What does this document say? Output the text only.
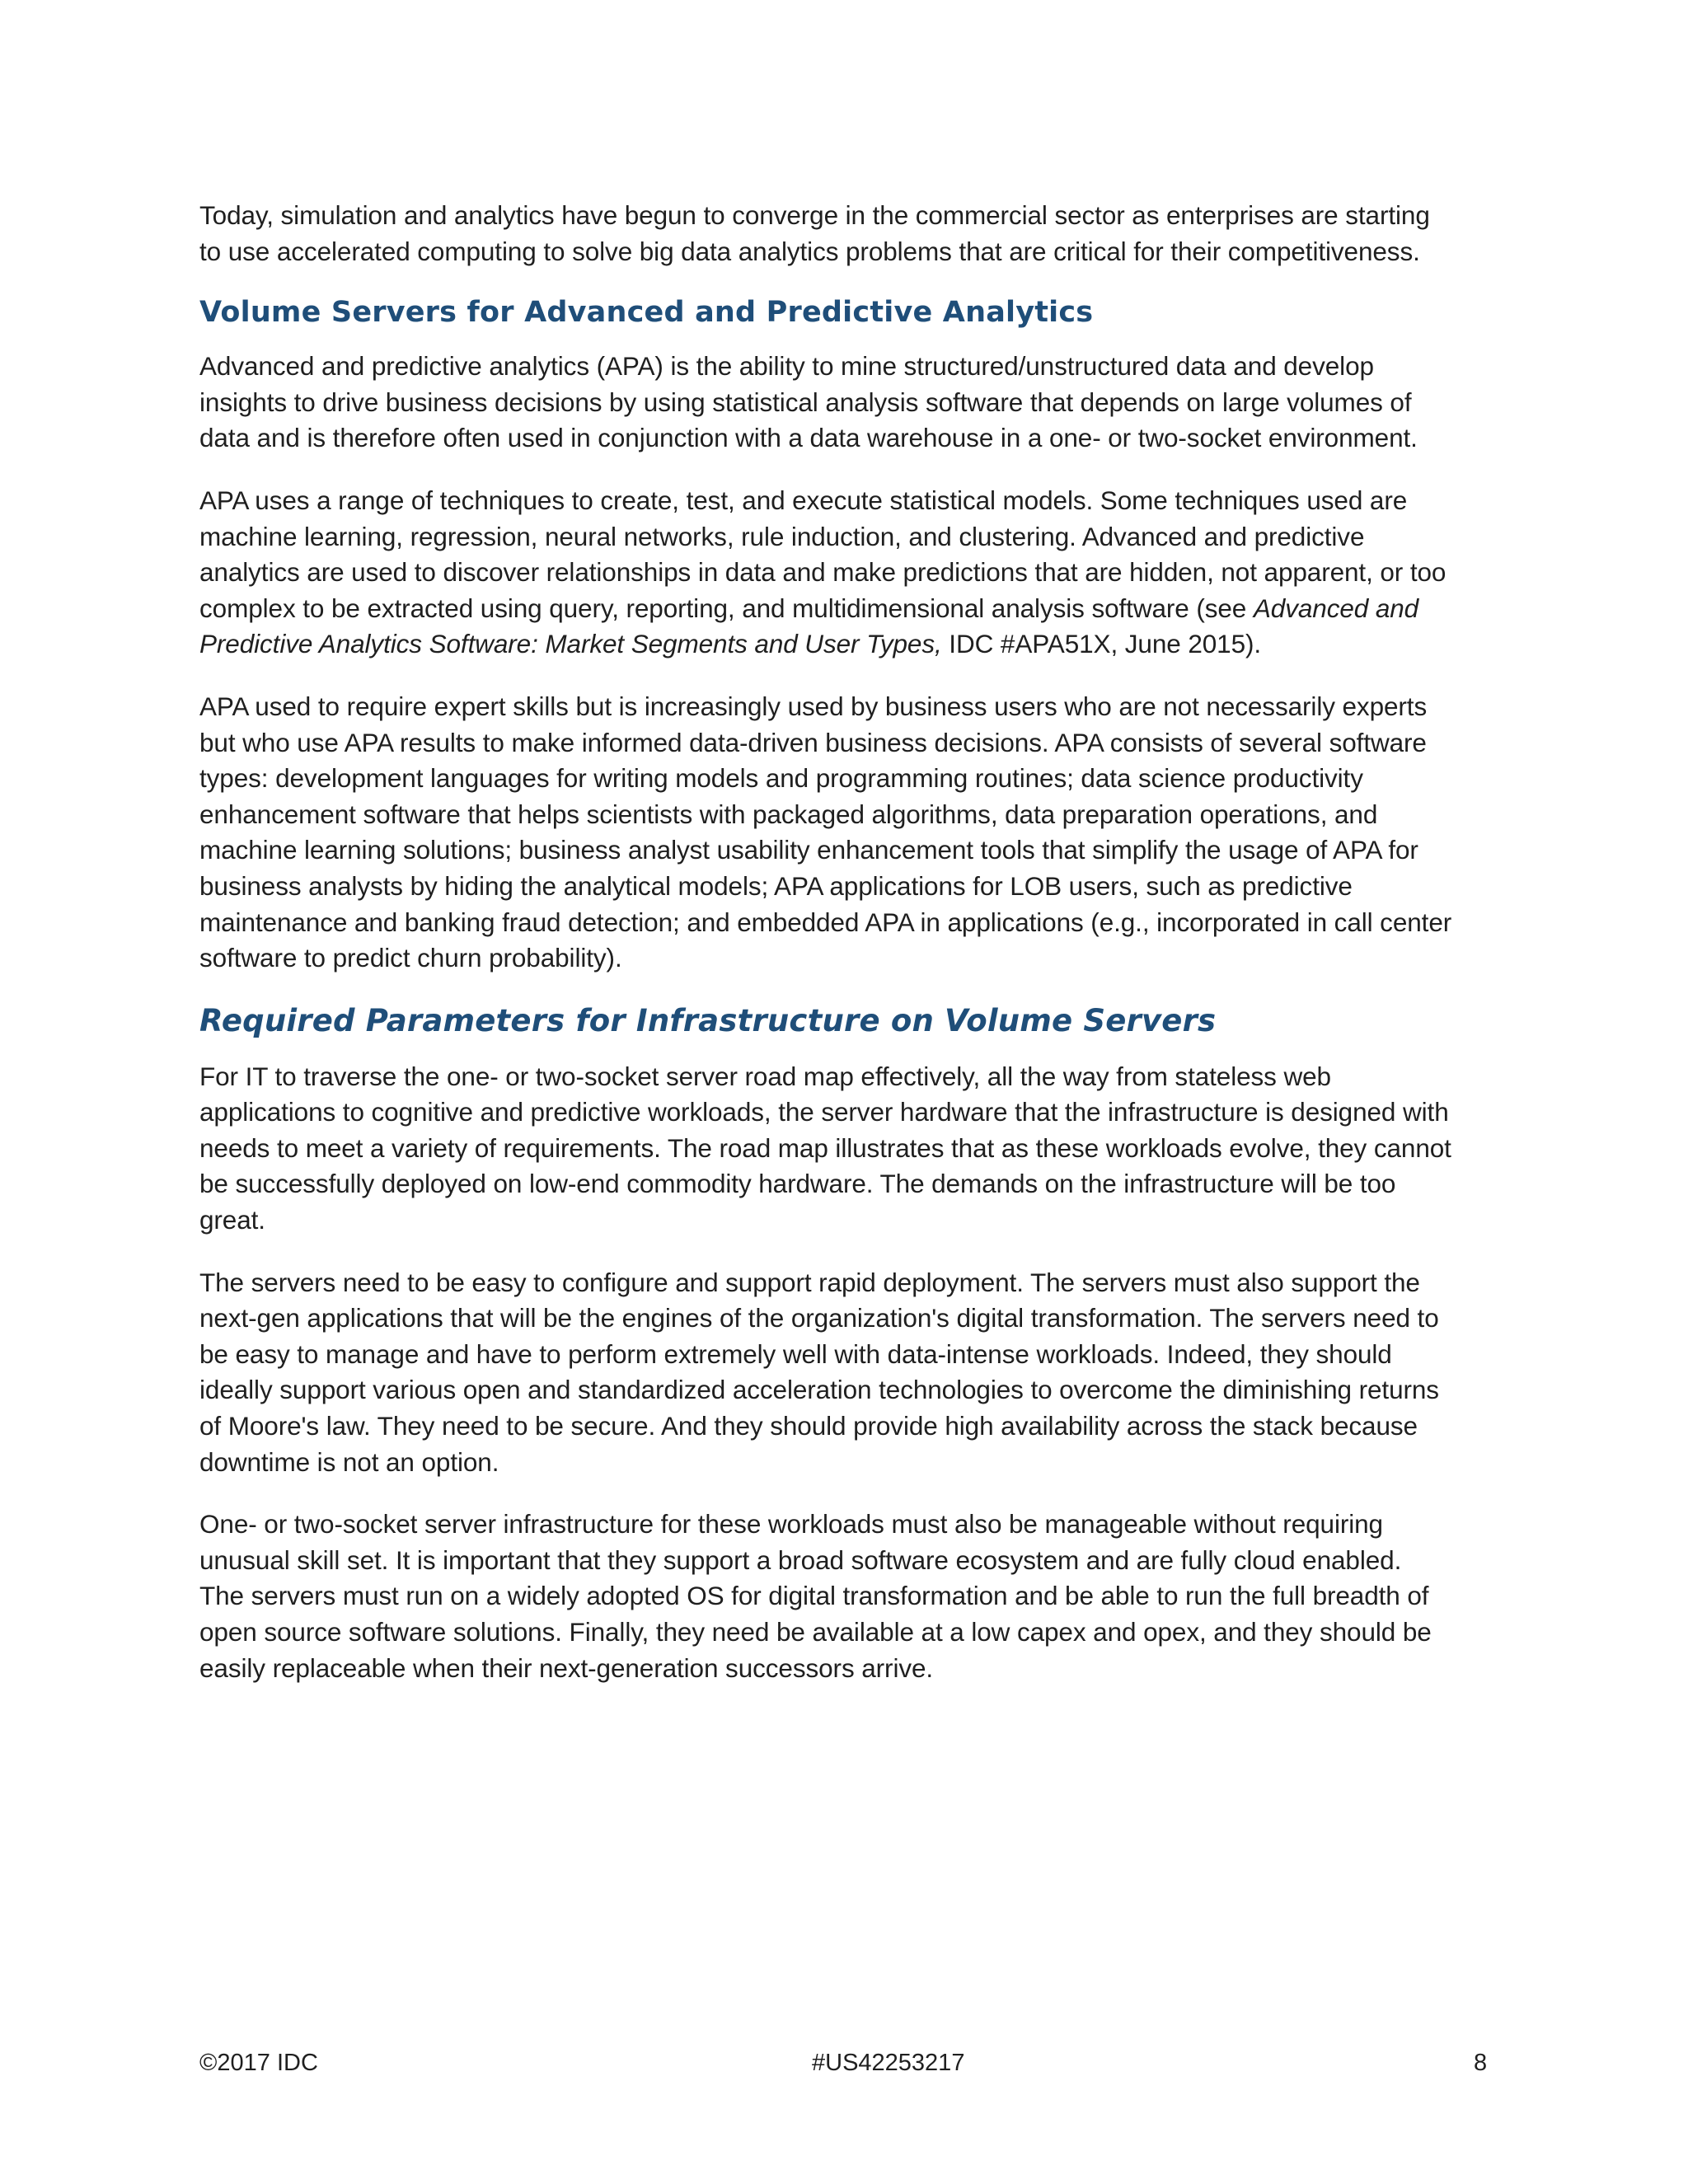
Today, simulation and analytics have begun to converge in the commercial sector as enterprises are starting to use accelerated computing to solve big data analytics problems that are critical for their competitiveness.

Volume Servers for Advanced and Predictive Analytics

Advanced and predictive analytics (APA) is the ability to mine structured/unstructured data and develop insights to drive business decisions by using statistical analysis software that depends on large volumes of data and is therefore often used in conjunction with a data warehouse in a one- or two-socket environment.

APA uses a range of techniques to create, test, and execute statistical models. Some techniques used are machine learning, regression, neural networks, rule induction, and clustering. Advanced and predictive analytics are used to discover relationships in data and make predictions that are hidden, not apparent, or too complex to be extracted using query, reporting, and multidimensional analysis software (see Advanced and Predictive Analytics Software: Market Segments and User Types, IDC #APA51X, June 2015).

APA used to require expert skills but is increasingly used by business users who are not necessarily experts but who use APA results to make informed data-driven business decisions. APA consists of several software types: development languages for writing models and programming routines; data science productivity enhancement software that helps scientists with packaged algorithms, data preparation operations, and machine learning solutions; business analyst usability enhancement tools that simplify the usage of APA for business analysts by hiding the analytical models; APA applications for LOB users, such as predictive maintenance and banking fraud detection; and embedded APA in applications (e.g., incorporated in call center software to predict churn probability).

Required Parameters for Infrastructure on Volume Servers

For IT to traverse the one- or two-socket server road map effectively, all the way from stateless web applications to cognitive and predictive workloads, the server hardware that the infrastructure is designed with needs to meet a variety of requirements. The road map illustrates that as these workloads evolve, they cannot be successfully deployed on low-end commodity hardware. The demands on the infrastructure will be too great.

The servers need to be easy to configure and support rapid deployment. The servers must also support the next-gen applications that will be the engines of the organization's digital transformation. The servers need to be easy to manage and have to perform extremely well with data-intense workloads. Indeed, they should ideally support various open and standardized acceleration technologies to overcome the diminishing returns of Moore's law. They need to be secure. And they should provide high availability across the stack because downtime is not an option.

One- or two-socket server infrastructure for these workloads must also be manageable without requiring unusual skill set. It is important that they support a broad software ecosystem and are fully cloud enabled. The servers must run on a widely adopted OS for digital transformation and be able to run the full breadth of open source software solutions. Finally, they need be available at a low capex and opex, and they should be easily replaceable when their next-generation successors arrive.

©2017 IDC	#US42253217	8
